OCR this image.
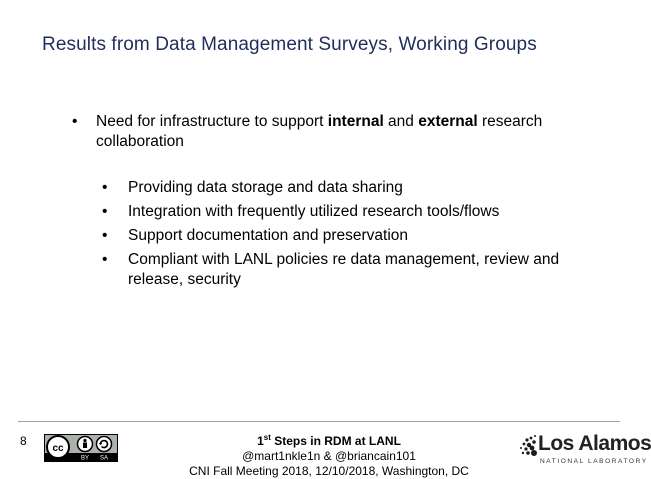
Results from Data Management Surveys, Working Groups
• Need for infrastructure to support internal and external research collaboration
• Providing data storage and data sharing
• Integration with frequently utilized research tools/flows
• Support documentation and preservation
• Compliant with LANL policies re data management, review and release, security
8
cc
BY SA
1st Steps in RDM at LANL
@mart1nkle1n & @briancain101
CNI Fall Meeting 2018, 12/10/2018, Washington, DC
Los Alamos
NATIONAL LABORATORY
